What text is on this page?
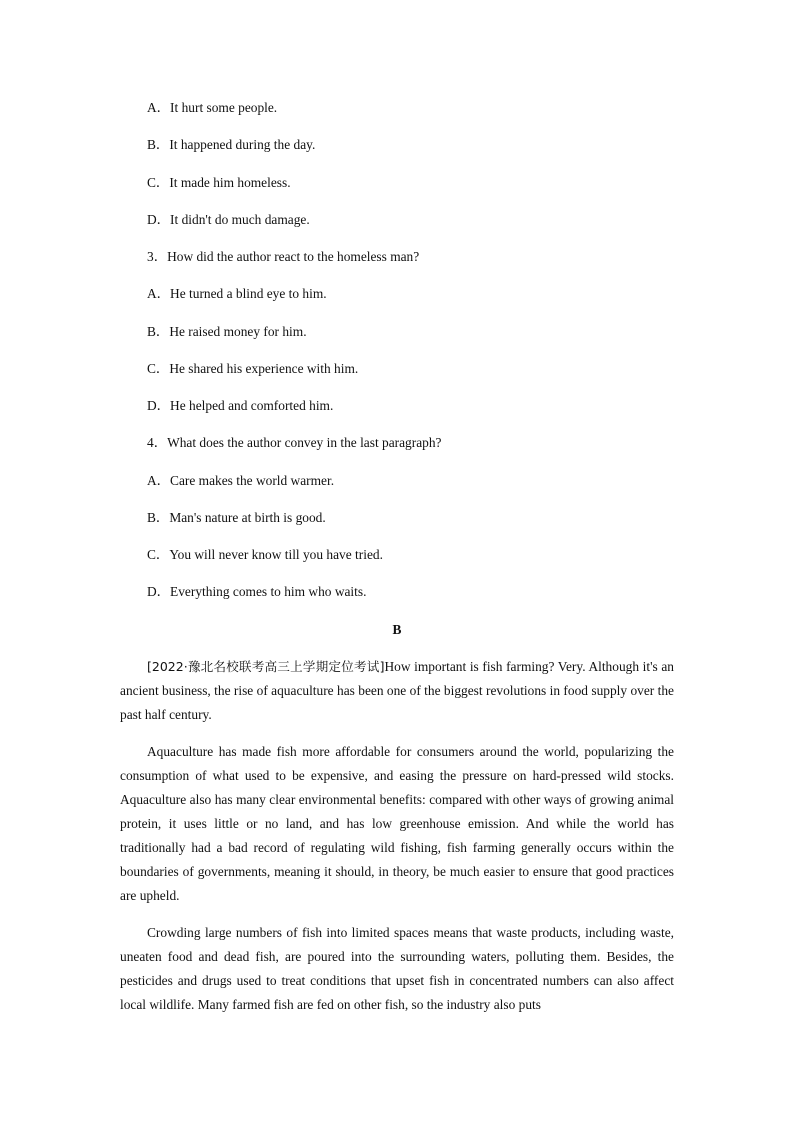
A．It hurt some people.
B．It happened during the day.
C．It made him homeless.
D．It didn't do much damage.
3．How did the author react to the homeless man?
A．He turned a blind eye to him.
B．He raised money for him.
C．He shared his experience with him.
D．He helped and comforted him.
4．What does the author convey in the last paragraph?
A．Care makes the world warmer.
B．Man's nature at birth is good.
C．You will never know till you have tried.
D．Everything comes to him who waits.
B

[2022·豫北名校联考高三上学期定位考试]How important is fish farming? Very. Although it's an ancient business, the rise of aquaculture has been one of the biggest revolutions in food supply over the past half century.

Aquaculture has made fish more affordable for consumers around the world, popularizing the consumption of what used to be expensive, and easing the pressure on hard-pressed wild stocks. Aquaculture also has many clear environmental benefits: compared with other ways of growing animal protein, it uses little or no land, and has low greenhouse emission. And while the world has traditionally had a bad record of regulating wild fishing, fish farming generally occurs within the boundaries of governments, meaning it should, in theory, be much easier to ensure that good practices are upheld.

Crowding large numbers of fish into limited spaces means that waste products, including waste, uneaten food and dead fish, are poured into the surrounding waters, polluting them. Besides, the pesticides and drugs used to treat conditions that upset fish in concentrated numbers can also affect local wildlife. Many farmed fish are fed on other fish, so the industry also puts
